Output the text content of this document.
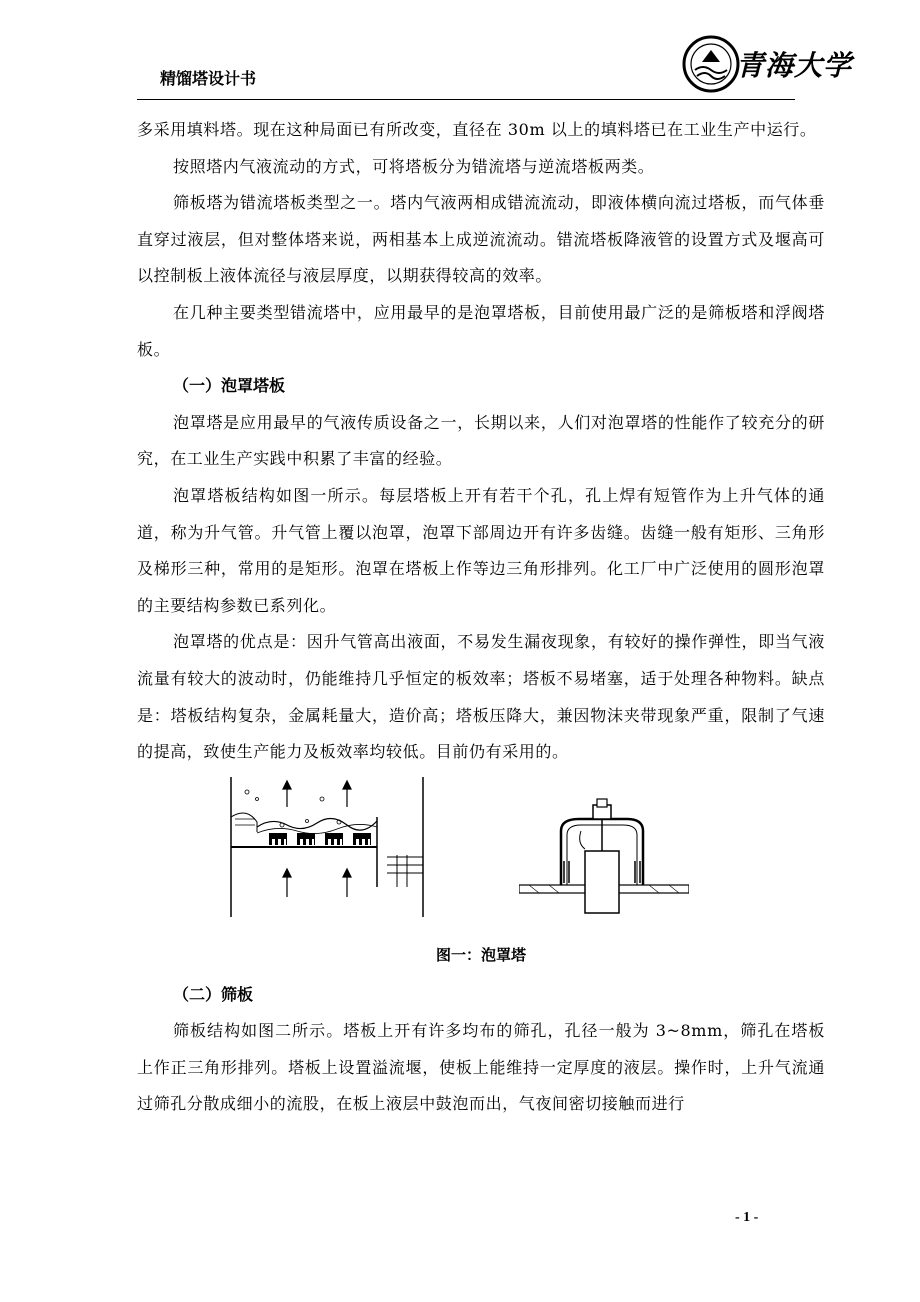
精馏塔设计书	青海大学

多采用填料塔。现在这种局面已有所改变，直径在 30m 以上的填料塔已在工业生产中运行。

按照塔内气液流动的方式，可将塔板分为错流塔与逆流塔板两类。

筛板塔为错流塔板类型之一。塔内气液两相成错流流动，即液体横向流过塔板，而气体垂直穿过液层，但对整体塔来说，两相基本上成逆流流动。错流塔板降液管的设置方式及堰高可以控制板上液体流径与液层厚度，以期获得较高的效率。

在几种主要类型错流塔中，应用最早的是泡罩塔板，目前使用最广泛的是筛板塔和浮阀塔板。

（一）泡罩塔板

泡罩塔是应用最早的气液传质设备之一，长期以来，人们对泡罩塔的性能作了较充分的研究，在工业生产实践中积累了丰富的经验。

泡罩塔板结构如图一所示。每层塔板上开有若干个孔，孔上焊有短管作为上升气体的通道，称为升气管。升气管上覆以泡罩，泡罩下部周边开有许多齿缝。齿缝一般有矩形、三角形及梯形三种，常用的是矩形。泡罩在塔板上作等边三角形排列。化工厂中广泛使用的圆形泡罩的主要结构参数已系列化。

泡罩塔的优点是：因升气管高出液面，不易发生漏夜现象，有较好的操作弹性，即当气液流量有较大的波动时，仍能维持几乎恒定的板效率；塔板不易堵塞，适于处理各种物料。缺点是：塔板结构复杂，金属耗量大，造价高；塔板压降大，兼因物沫夹带现象严重，限制了气速的提高，致使生产能力及板效率均较低。目前仍有采用的。

图一：泡罩塔
（二）筛板

筛板结构如图二所示。塔板上开有许多均布的筛孔，孔径一般为 3~8mm，筛孔在塔板上作正三角形排列。塔板上设置溢流堰，使板上能维持一定厚度的液层。操作时，上升气流通过筛孔分散成细小的流股，在板上液层中鼓泡而出，气夜间密切接触而进行

- 1 -
